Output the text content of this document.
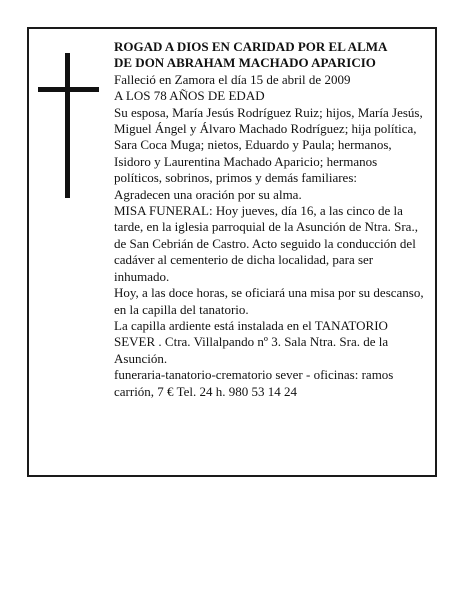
ROGAD A DIOS EN CARIDAD POR EL ALMA

DE DON ABRAHAM MACHADO APARICIO

Falleció en Zamora el día 15 de abril de 2009

A LOS 78 AÑOS DE EDAD

Su esposa, María Jesús Rodríguez Ruiz; hijos, María Jesús, Miguel Ángel y Álvaro Machado Rodríguez; hija política, Sara Coca Muga; nietos, Eduardo y Paula; hermanos, Isidoro y Laurentina Machado Aparicio; hermanos políticos, sobrinos, primos y demás familiares:

Agradecen una oración por su alma.

MISA FUNERAL: Hoy jueves, día 16, a las cinco de la tarde, en la iglesia parroquial de la Asunción de Ntra. Sra., de San Cebrián de Castro. Acto seguido la conducción del cadáver al cementerio de dicha localidad, para ser inhumado.

Hoy, a las doce horas, se oficiará una misa por su descanso, en la capilla del tanatorio.

La capilla ardiente está instalada en el TANATORIO SEVER . Ctra. Villalpando nº 3. Sala Ntra. Sra. de la Asunción.

funeraria-tanatorio-crematorio sever - oficinas: ramos carrión, 7 € Tel. 24 h. 980 53 14 24
